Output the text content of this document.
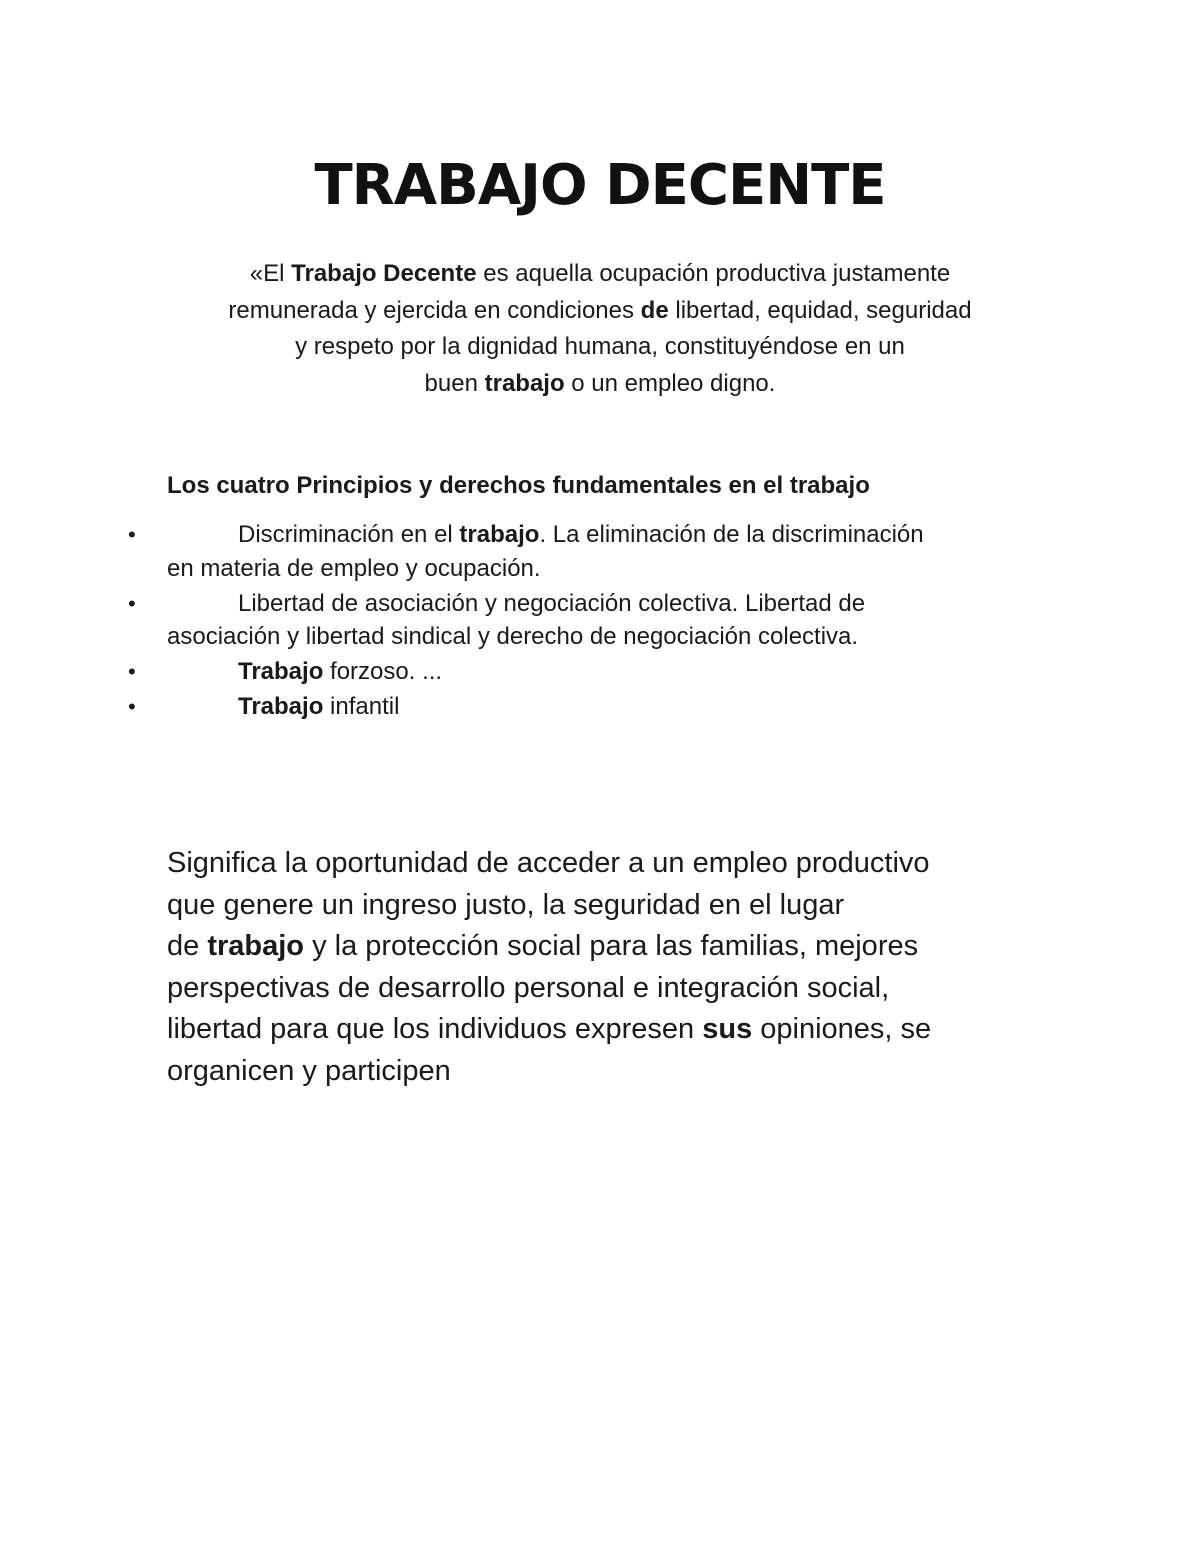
TRABAJO DECENTE

«El Trabajo Decente es aquella ocupación productiva justamente
remunerada y ejercida en condiciones de libertad, equidad, seguridad
y respeto por la dignidad humana, constituyéndose en un
buen trabajo o un empleo digno.

Los cuatro Principios y derechos fundamentales en el trabajo
•	Discriminación en el trabajo. La eliminación de la discriminación
en materia de empleo y ocupación.
•	Libertad de asociación y negociación colectiva. Libertad de
asociación y libertad sindical y derecho de negociación colectiva.
•	Trabajo forzoso. ...
•	Trabajo infantil

Significa la oportunidad de acceder a un empleo productivo
que genere un ingreso justo, la seguridad en el lugar
de trabajo y la protección social para las familias, mejores
perspectivas de desarrollo personal e integración social,
libertad para que los individuos expresen sus opiniones, se
organicen y participen
